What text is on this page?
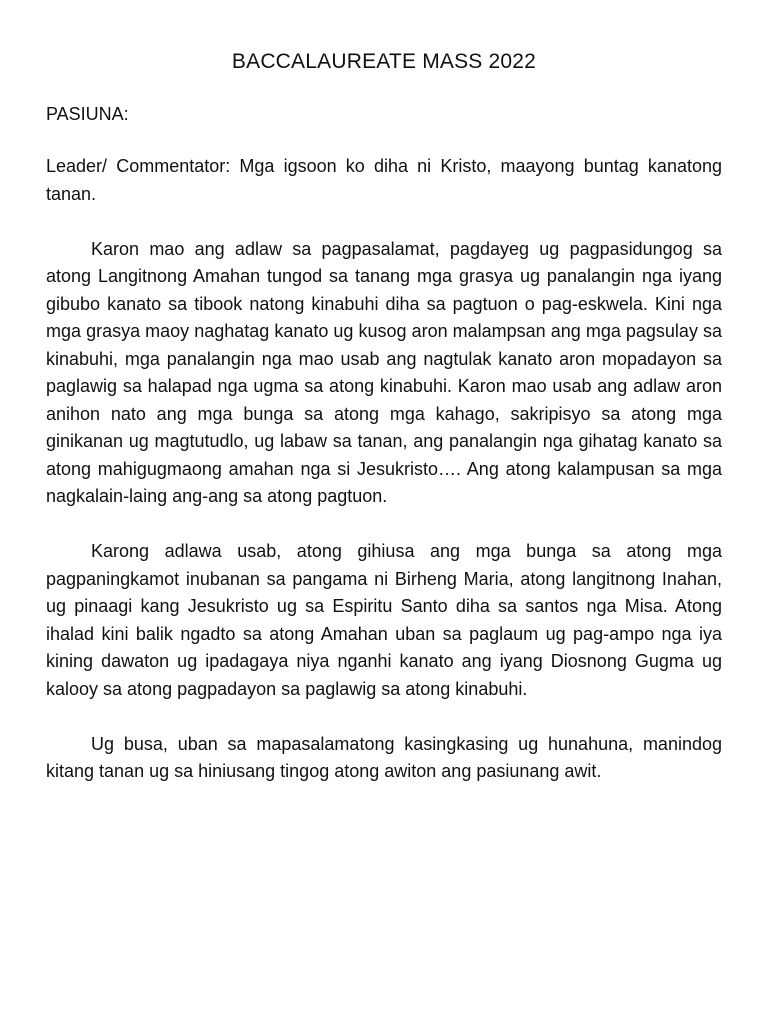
BACCALAUREATE MASS 2022

PASIUNA:

Leader/ Commentator: Mga igsoon ko diha ni Kristo, maayong buntag kanatong tanan.

Karon mao ang adlaw sa pagpasalamat, pagdayeg ug pagpasidungog sa atong Langitnong Amahan tungod sa tanang mga grasya ug panalangin nga iyang gibubo kanato sa tibook natong kinabuhi diha sa pagtuon o pag-eskwela. Kini nga mga grasya maoy naghatag kanato ug kusog aron malampsan ang mga pagsulay sa kinabuhi, mga panalangin nga mao usab ang nagtulak kanato aron mopadayon sa paglawig sa halapad nga ugma sa atong kinabuhi. Karon mao usab ang adlaw aron anihon nato ang mga bunga sa atong mga kahago, sakripisyo sa atong mga ginikanan ug magtutudlo, ug labaw sa tanan, ang panalangin nga gihatag kanato sa atong mahigugmaong amahan nga si Jesukristo…. Ang atong kalampusan sa mga nagkalain-laing ang-ang sa atong pagtuon.

Karong adlawa usab, atong gihiusa ang mga bunga sa atong mga pagpaningkamot inubanan sa pangama ni Birheng Maria, atong langitnong Inahan, ug pinaagi kang Jesukristo ug sa Espiritu Santo diha sa santos nga Misa. Atong ihalad kini balik ngadto sa atong Amahan uban sa paglaum ug pag-ampo nga iya kining dawaton ug ipadagaya niya nganhi kanato ang iyang Diosnong Gugma ug kalooy sa atong pagpadayon sa paglawig sa atong kinabuhi.

Ug busa, uban sa mapasalamatong kasingkasing ug hunahuna, manindog kitang tanan ug sa hiniusang tingog atong awiton ang pasiunang awit.
